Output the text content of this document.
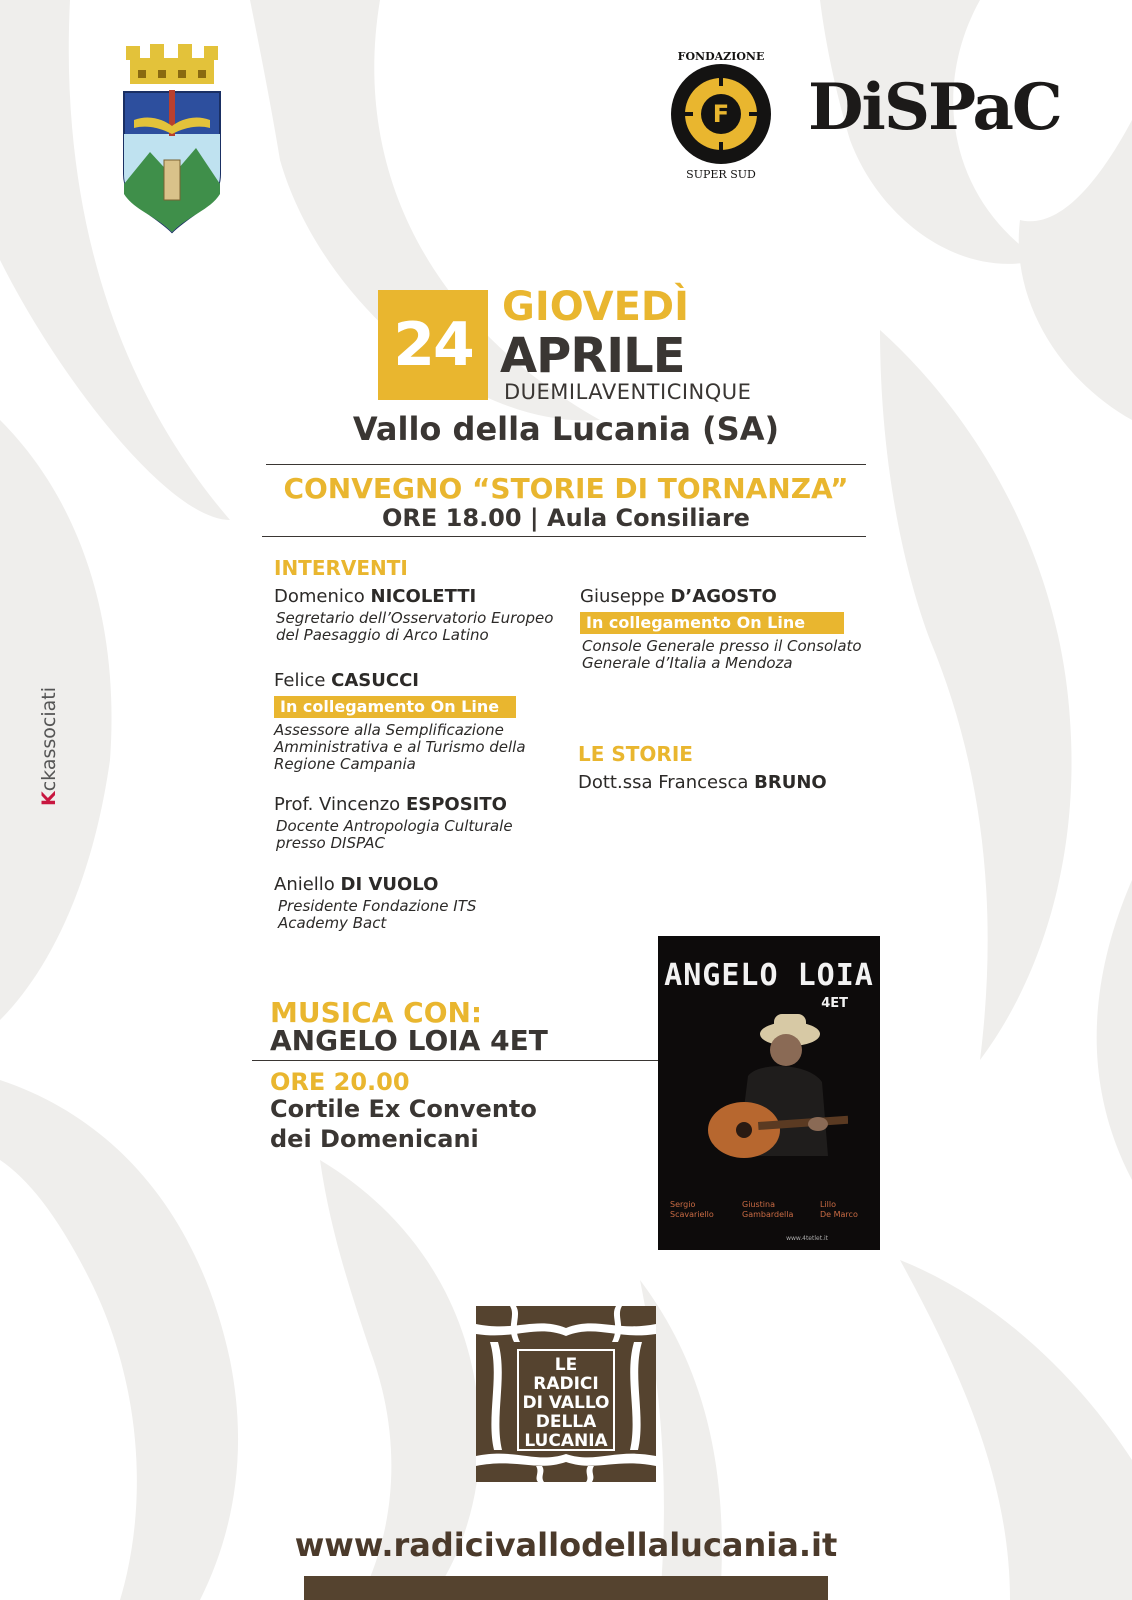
F
FONDAZIONE
SUPER SUD
DiSPaC
24
GIOVEDÌ
APRILE
DUEMILAVENTICINQUE
Vallo della Lucania (SA)
CONVEGNO “STORIE DI TORNANZA”
ORE 18.00 | Aula Consiliare
INTERVENTI
Domenico NICOLETTI
Segretario dell’Osservatorio Europeo
del Paesaggio di Arco Latino
Felice CASUCCI
In collegamento On Line
Assessore alla Semplificazione
Amministrativa e al Turismo della
Regione Campania
Prof. Vincenzo ESPOSITO
Docente Antropologia Culturale
presso DISPAC
Aniello DI VUOLO
Presidente Fondazione ITS
Academy Bact
Giuseppe D’AGOSTO
In collegamento On Line
Console Generale presso il Consolato
Generale d’Italia a Mendoza
LE STORIE
Dott.ssa Francesca BRUNO
MUSICA CON:
ANGELO LOIA 4ET
ORE 20.00
Cortile Ex Convento
dei Domenicani
ANGELO LOIA
4ET
Sergio
Scavariello
Giustina
Gambardella
Lillo
De Marco
www.4tetlet.it
LE RADICI
DI VALLO
DELLA
LUCANIA
www.radicivallodellalucania.it
Kckassociati
